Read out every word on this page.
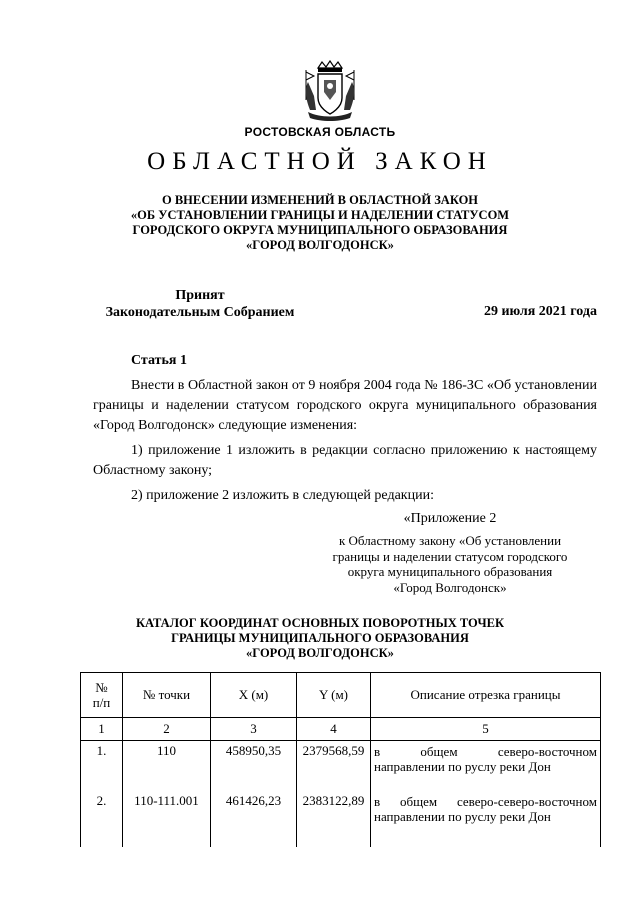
РОСТОВСКАЯ ОБЛАСТЬ
ОБЛАСТНОЙ ЗАКОН
О ВНЕСЕНИИ ИЗМЕНЕНИЙ В ОБЛАСТНОЙ ЗАКОН
«ОБ УСТАНОВЛЕНИИ ГРАНИЦЫ И НАДЕЛЕНИИ СТАТУСОМ
ГОРОДСКОГО ОКРУГА МУНИЦИПАЛЬНОГО ОБРАЗОВАНИЯ
«ГОРОД ВОЛГОДОНСК»
Принят
Законодательным Собранием	29 июля 2021 года
Статья 1

Внести в Областной закон от 9 ноября 2004 года № 186-ЗС «Об установлении границы и наделении статусом городского округа муниципального образования «Город Волгодонск» следующие изменения:

1) приложение 1 изложить в редакции согласно приложению к настоящему Областному закону;

2) приложение 2 изложить в следующей редакции:

«Приложение 2
к Областному закону «Об установлении
границы и наделении статусом городского
округа муниципального образования
«Город Волгодонск»
КАТАЛОГ КООРДИНАТ ОСНОВНЫХ ПОВОРОТНЫХ ТОЧЕК
ГРАНИЦЫ МУНИЦИПАЛЬНОГО ОБРАЗОВАНИЯ
«ГОРОД ВОЛГОДОНСК»
№ п/п	№ точки	X (м)	Y (м)	Описание отрезка границы
1	2	3	4	5
1.	110	458950,35	2379568,59	в общем северо-восточном направлении по руслу реки Дон
2.	110-111.001	461426,23	2383122,89	в общем северо-северо-восточном направлении по руслу реки Дон
